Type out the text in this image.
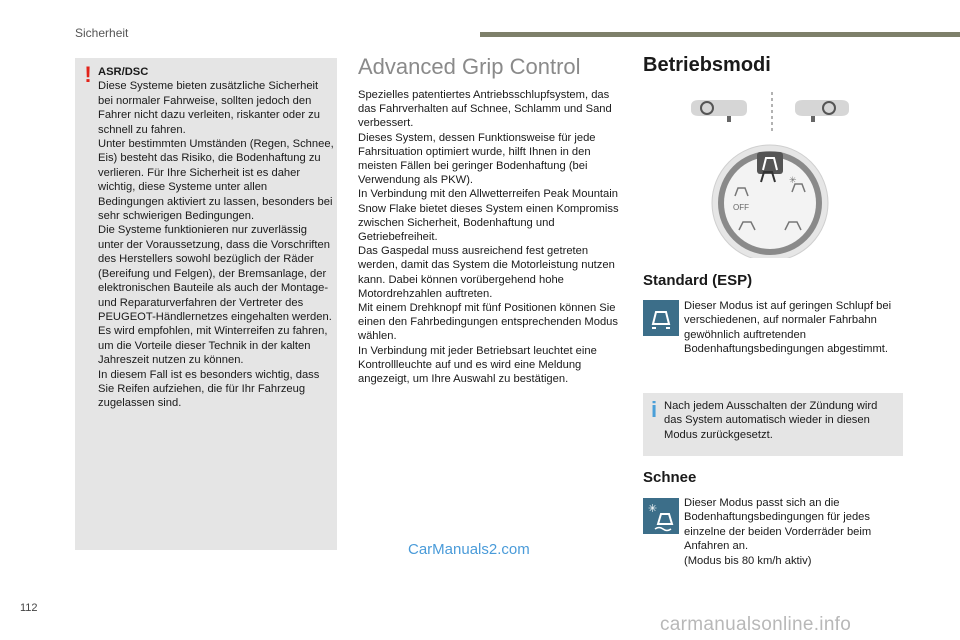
Sicherheit
! ASR/DSC
Diese Systeme bieten zusätzliche Sicherheit bei normaler Fahrweise, sollten jedoch den Fahrer nicht dazu verleiten, riskanter oder zu schnell zu fahren.
Unter bestimmten Umständen (Regen, Schnee, Eis) besteht das Risiko, die Bodenhaftung zu verlieren. Für Ihre Sicherheit ist es daher wichtig, diese Systeme unter allen Bedingungen aktiviert zu lassen, besonders bei sehr schwierigen Bedingungen.
Die Systeme funktionieren nur zuverlässig unter der Voraussetzung, dass die Vorschriften des Herstellers sowohl bezüglich der Räder (Bereifung und Felgen), der Bremsanlage, der elektronischen Bauteile als auch der Montage- und Reparaturverfahren der Vertreter des PEUGEOT-Händlernetzes eingehalten werden.
Es wird empfohlen, mit Winterreifen zu fahren, um die Vorteile dieser Technik in der kalten Jahreszeit nutzen zu können.
In diesem Fall ist es besonders wichtig, dass Sie Reifen aufziehen, die für Ihr Fahrzeug zugelassen sind.
Advanced Grip Control
Spezielles patentiertes Antriebsschlupfsystem, das das Fahrverhalten auf Schnee, Schlamm und Sand verbessert.
Dieses System, dessen Funktionsweise für jede Fahrsituation optimiert wurde, hilft Ihnen in den meisten Fällen bei geringer Bodenhaftung (bei Verwendung als PKW).
In Verbindung mit den Allwetterreifen Peak Mountain Snow Flake bietet dieses System einen Kompromiss zwischen Sicherheit, Bodenhaftung und Getriebefreiheit.
Das Gaspedal muss ausreichend fest getreten werden, damit das System die Motorleistung nutzen kann. Dabei können vorübergehend hohe Motordrehzahlen auftreten.
Mit einem Drehknopf mit fünf Positionen können Sie einen den Fahrbedingungen entsprechenden Modus wählen.
In Verbindung mit jeder Betriebsart leuchtet eine Kontrollleuchte auf und es wird eine Meldung angezeigt, um Ihre Auswahl zu bestätigen.
Betriebsmodi
OFF
✳
Standard (ESP)
Dieser Modus ist auf geringen Schlupf bei verschiedenen, auf normaler Fahrbahn gewöhnlich auftretenden Bodenhaftungsbedingungen abgestimmt.
i Nach jedem Ausschalten der Zündung wird das System automatisch wieder in diesen Modus zurückgesetzt.
Schnee
✳ Dieser Modus passt sich an die Bodenhaftungsbedingungen für jedes einzelne der beiden Vorderräder beim Anfahren an.
(Modus bis 80 km/h aktiv)
CarManuals2.com
112
carmanualsonline.info
